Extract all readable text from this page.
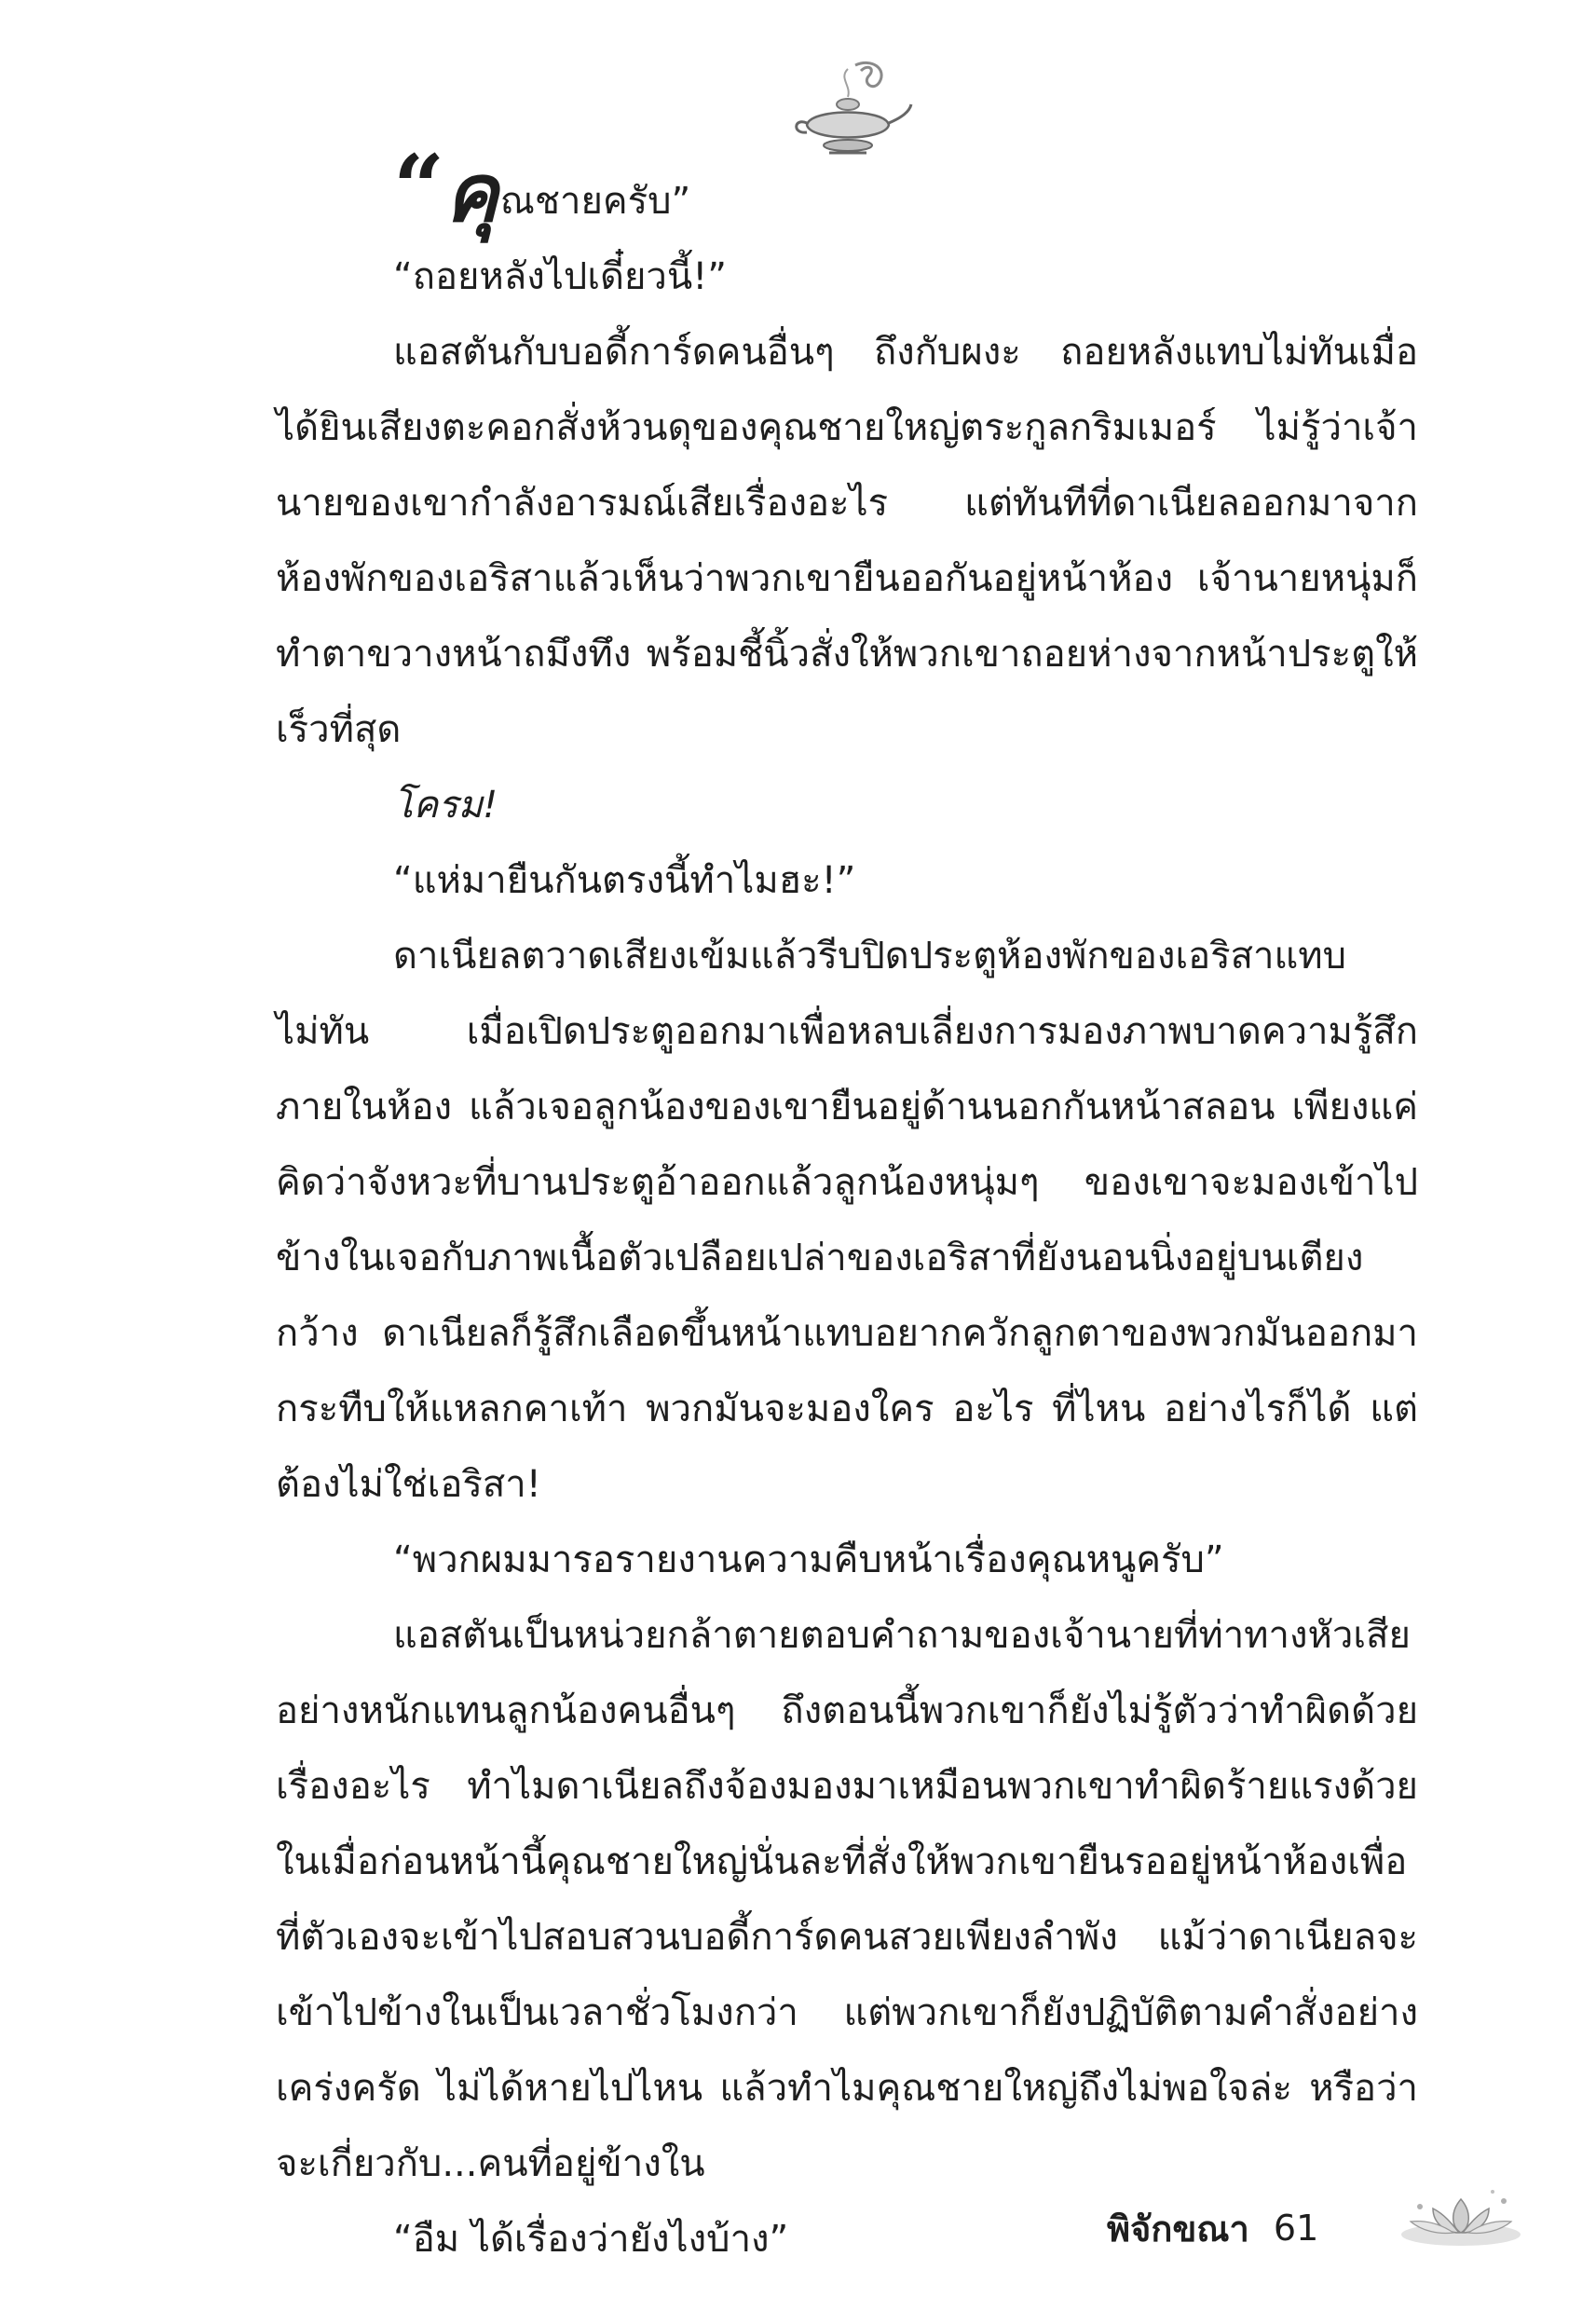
“คุณชายครับ”

“ถอยหลังไปเดี๋ยวนี้!”

แอสตันกับบอดี้การ์ดคนอื่นๆ ถึงกับผงะ ถอยหลังแทบไม่ทันเมื่อได้ยินเสียงตะคอกสั่งห้วนดุของคุณชายใหญ่ตระกูลกริมเมอร์ ไม่รู้ว่าเจ้านายของเขากำลังอารมณ์เสียเรื่องอะไร แต่ทันทีที่ดาเนียลออกมาจากห้องพักของเอริสาแล้วเห็นว่าพวกเขายืนออกันอยู่หน้าห้อง เจ้านายหนุ่มก็ทำตาขวางหน้าถมึงทึง พร้อมชี้นิ้วสั่งให้พวกเขาถอยห่างจากหน้าประตูให้เร็วที่สุด

โครม!

“แห่มายืนกันตรงนี้ทำไมฮะ!”

ดาเนียลตวาดเสียงเข้มแล้วรีบปิดประตูห้องพักของเอริสาแทบไม่ทัน เมื่อเปิดประตูออกมาเพื่อหลบเลี่ยงการมองภาพบาดความรู้สึกภายในห้อง แล้วเจอลูกน้องของเขายืนอยู่ด้านนอกกันหน้าสลอน เพียงแค่คิดว่าจังหวะที่บานประตูอ้าออกแล้วลูกน้องหนุ่มๆ ของเขาจะมองเข้าไปข้างในเจอกับภาพเนื้อตัวเปลือยเปล่าของเอริสาที่ยังนอนนิ่งอยู่บนเตียงกว้าง ดาเนียลก็รู้สึกเลือดขึ้นหน้าแทบอยากควักลูกตาของพวกมันออกมากระทืบให้แหลกคาเท้า พวกมันจะมองใคร อะไร ที่ไหน อย่างไรก็ได้ แต่ต้องไม่ใช่เอริสา!

“พวกผมมารอรายงานความคืบหน้าเรื่องคุณหนูครับ”

แอสตันเป็นหน่วยกล้าตายตอบคำถามของเจ้านายที่ท่าทางหัวเสียอย่างหนักแทนลูกน้องคนอื่นๆ ถึงตอนนี้พวกเขาก็ยังไม่รู้ตัวว่าทำผิดด้วยเรื่องอะไร ทำไมดาเนียลถึงจ้องมองมาเหมือนพวกเขาทำผิดร้ายแรงด้วย ในเมื่อก่อนหน้านี้คุณชายใหญ่นั่นละที่สั่งให้พวกเขายืนรออยู่หน้าห้องเพื่อที่ตัวเองจะเข้าไปสอบสวนบอดี้การ์ดคนสวยเพียงลำพัง แม้ว่าดาเนียลจะเข้าไปข้างในเป็นเวลาชั่วโมงกว่า แต่พวกเขาก็ยังปฏิบัติตามคำสั่งอย่างเคร่งครัด ไม่ได้หายไปไหน แล้วทำไมคุณชายใหญ่ถึงไม่พอใจล่ะ หรือว่าจะเกี่ยวกับ...คนที่อยู่ข้างใน

“อืม ได้เรื่องว่ายังไงบ้าง”	พิจักขณา 61
